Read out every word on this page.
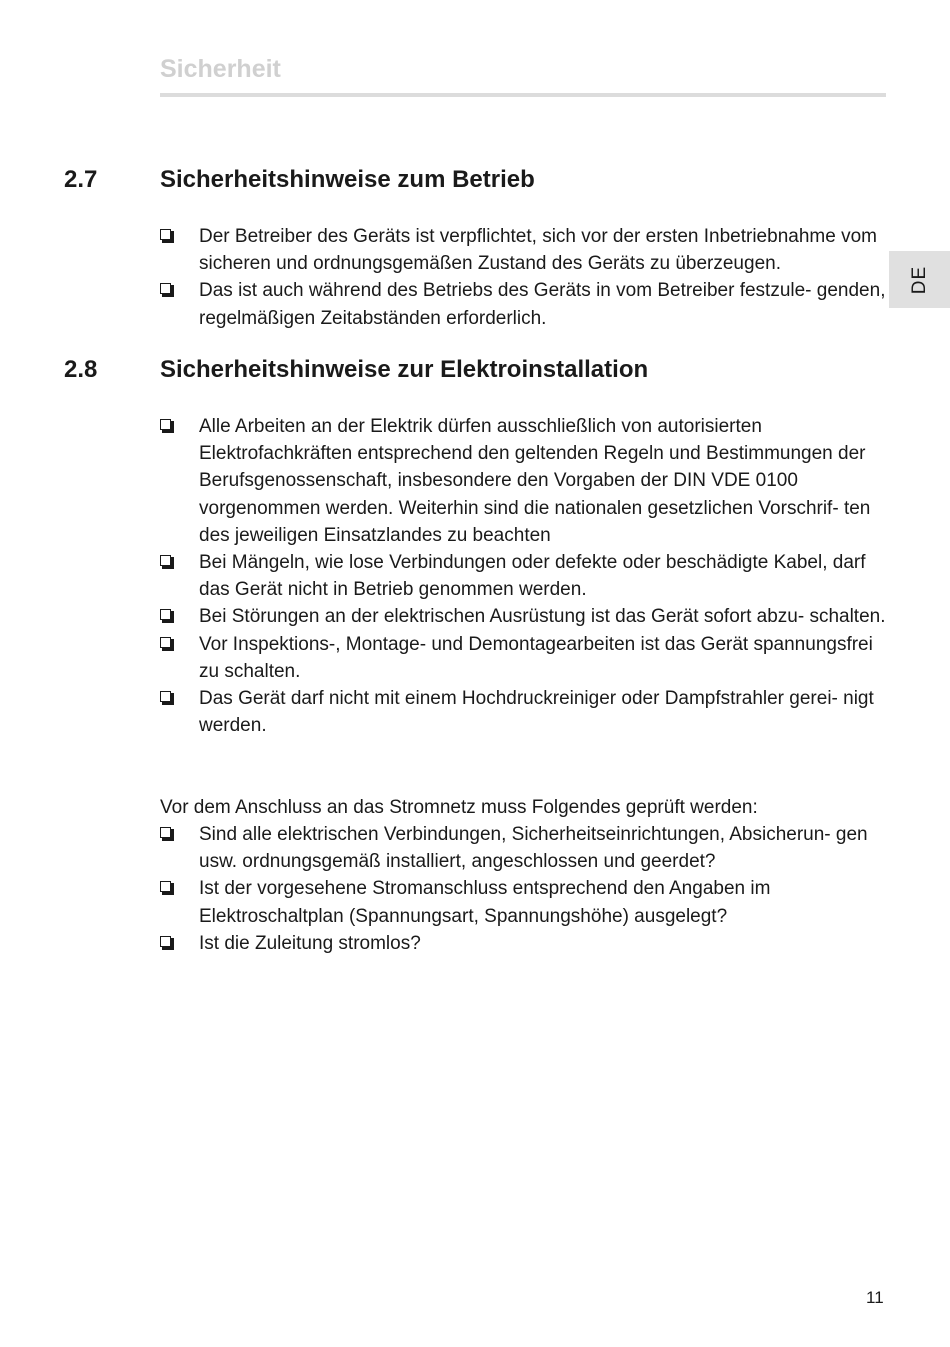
Sicherheit
DE
2.7	Sicherheitshinweise zum Betrieb
Der Betreiber des Geräts ist verpflichtet, sich vor der ersten Inbetriebnahme vom sicheren und ordnungsgemäßen Zustand des Geräts zu überzeugen.
Das ist auch während des Betriebs des Geräts in vom Betreiber festzule- genden, regelmäßigen Zeitabständen erforderlich.
2.8	Sicherheitshinweise zur Elektroinstallation
Alle Arbeiten an der Elektrik dürfen ausschließlich von autorisierten Elektrofachkräften entsprechend den geltenden Regeln und Bestimmungen der Berufsgenossenschaft, insbesondere den Vorgaben der DIN VDE 0100 vorgenommen werden. Weiterhin sind die nationalen gesetzlichen Vorschrif- ten des jeweiligen Einsatzlandes zu beachten
Bei Mängeln, wie lose Verbindungen oder defekte oder beschädigte Kabel, darf das Gerät nicht in Betrieb genommen werden.
Bei Störungen an der elektrischen Ausrüstung ist das Gerät sofort abzu- schalten.
Vor Inspektions-, Montage- und Demontagearbeiten ist das Gerät spannungsfrei zu schalten.
Das Gerät darf nicht mit einem Hochdruckreiniger oder Dampfstrahler gerei- nigt werden.
Vor dem Anschluss an das Stromnetz muss Folgendes geprüft werden:
Sind alle elektrischen Verbindungen, Sicherheitseinrichtungen, Absicherun- gen usw. ordnungsgemäß installiert, angeschlossen und geerdet?
Ist der vorgesehene Stromanschluss entsprechend den Angaben im Elektroschaltplan (Spannungsart, Spannungshöhe) ausgelegt?
Ist die Zuleitung stromlos?
11
